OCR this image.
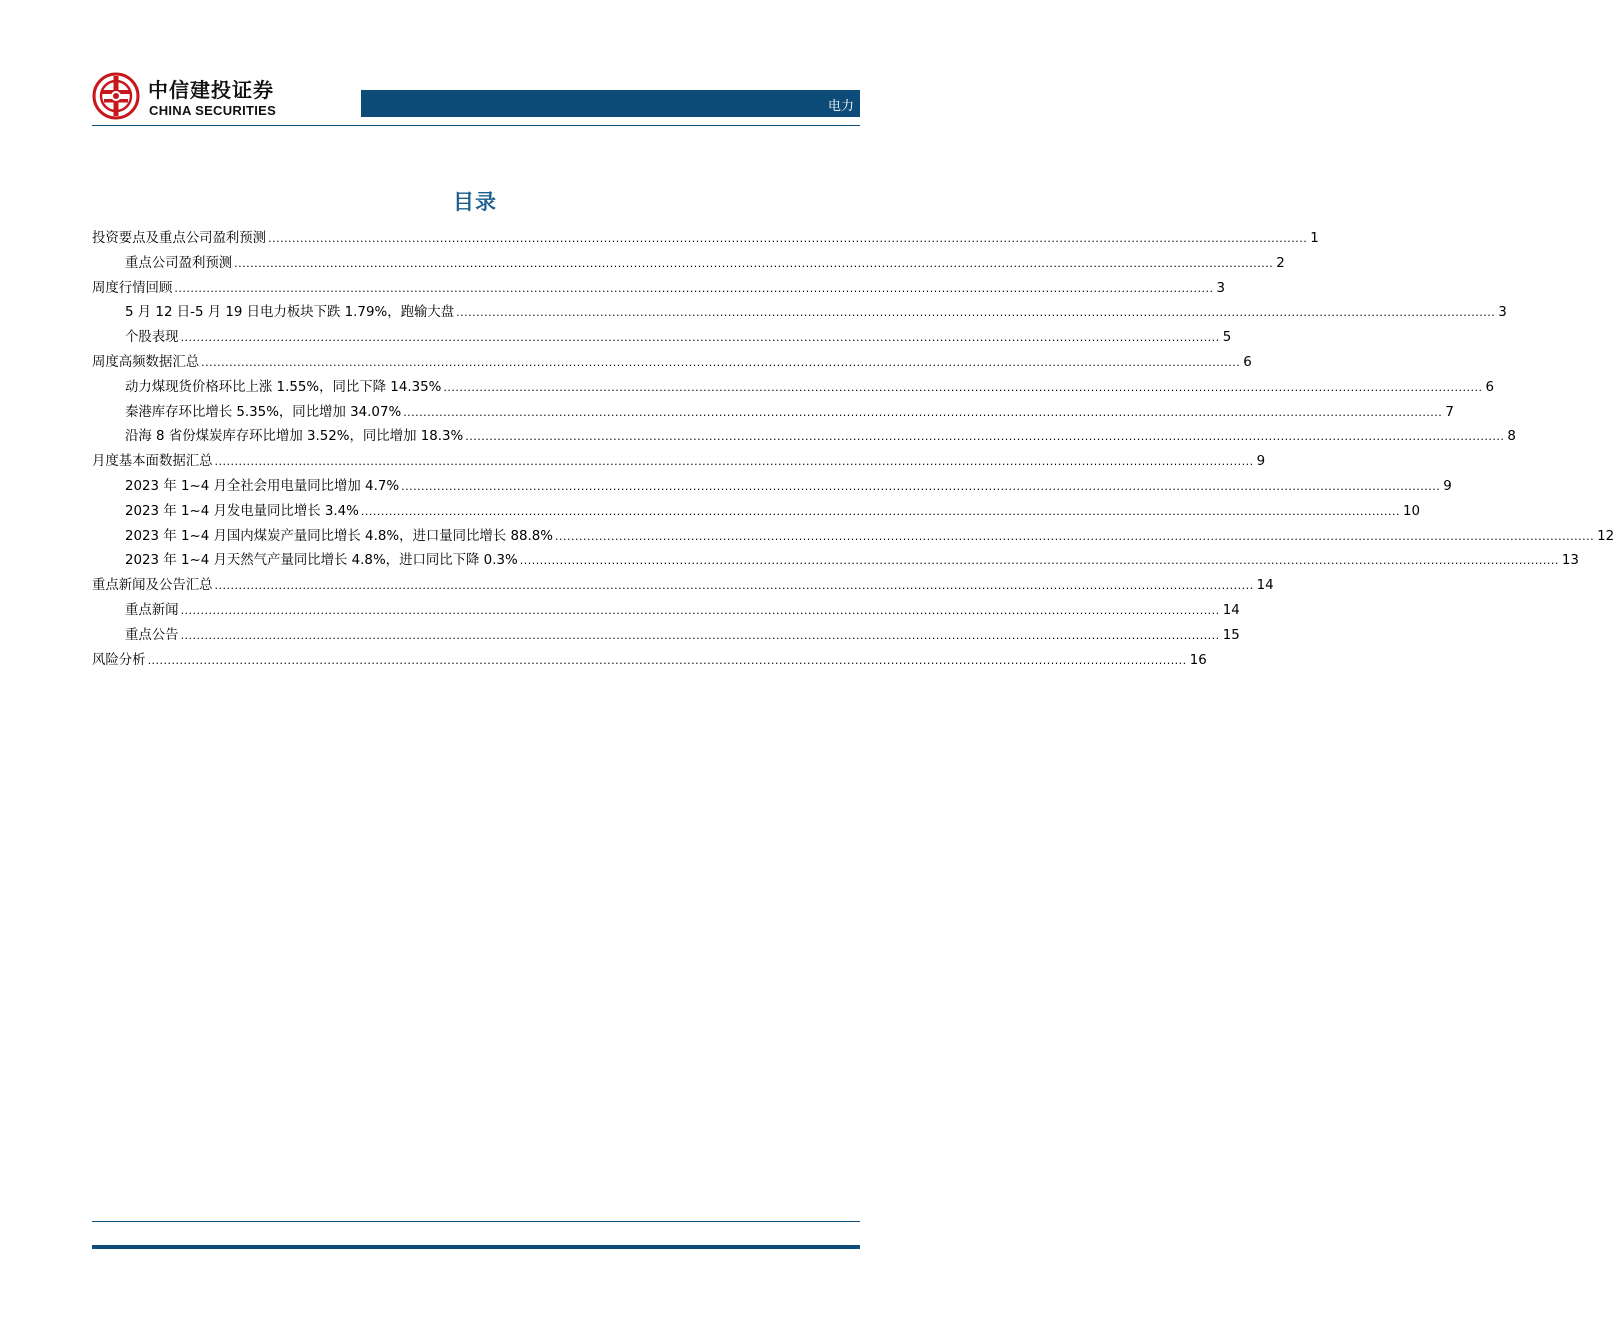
中信建投证券
CHINA SECURITIES	电力
目录
投资要点及重点公司盈利预测 .................................................................................................................................................................................................................................................................... 1
重点公司盈利预测 .................................................................................................................................................................................................................................................................... 2
周度行情回顾 .................................................................................................................................................................................................................................................................... 3
5 月 12 日-5 月 19 日电力板块下跌 1.79%，跑输大盘 .................................................................................................................................................................................................................................................................... 3
个股表现 .................................................................................................................................................................................................................................................................... 5
周度高频数据汇总 .................................................................................................................................................................................................................................................................... 6
动力煤现货价格环比上涨 1.55%，同比下降 14.35% .................................................................................................................................................................................................................................................................... 6
秦港库存环比增长 5.35%，同比增加 34.07% .................................................................................................................................................................................................................................................................... 7
沿海 8 省份煤炭库存环比增加 3.52%，同比增加 18.3% .................................................................................................................................................................................................................................................................... 8
月度基本面数据汇总 .................................................................................................................................................................................................................................................................... 9
2023 年 1~4 月全社会用电量同比增加 4.7% .................................................................................................................................................................................................................................................................... 9
2023 年 1~4 月发电量同比增长 3.4% .................................................................................................................................................................................................................................................................... 10
2023 年 1~4 月国内煤炭产量同比增长 4.8%，进口量同比增长 88.8% .................................................................................................................................................................................................................................................................... 12
2023 年 1~4 月天然气产量同比增长 4.8%，进口同比下降 0.3% .................................................................................................................................................................................................................................................................... 13
重点新闻及公告汇总 .................................................................................................................................................................................................................................................................... 14
重点新闻 .................................................................................................................................................................................................................................................................... 14
重点公告 .................................................................................................................................................................................................................................................................... 15
风险分析 .................................................................................................................................................................................................................................................................... 16
